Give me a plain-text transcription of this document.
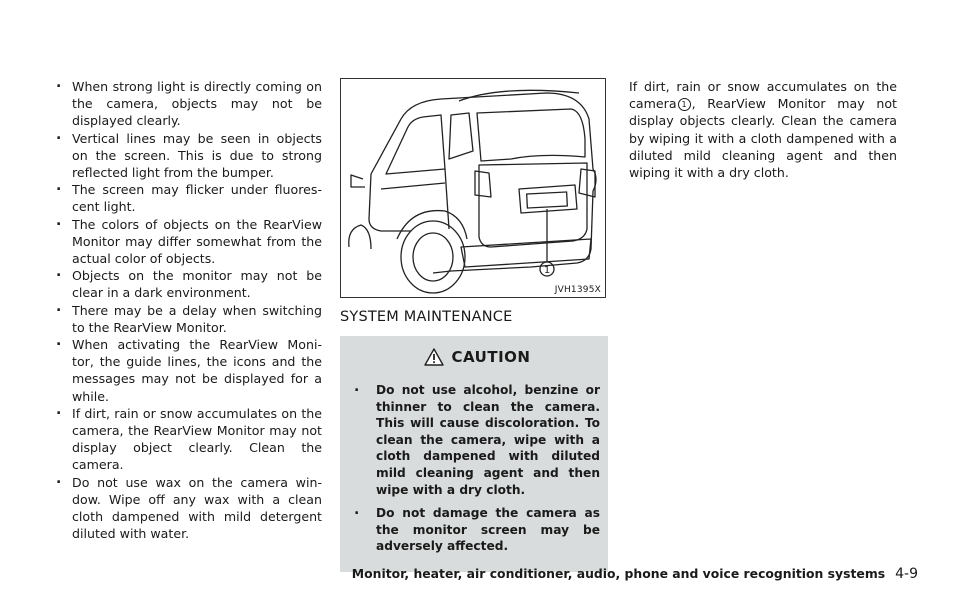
. When strong light is directly coming on the camera, objects may not be displayed clearly.
. Vertical lines may be seen in objects on the screen. This is due to strong reflected light from the bumper.
. The screen may flicker under fluores-cent light.
. The colors of objects on the RearView Monitor may differ somewhat from the actual color of objects.
. Objects on the monitor may not be clear in a dark environment.
. There may be a delay when switching to the RearView Monitor.
. When activating the RearView Moni-tor, the guide lines, the icons and the messages may not be displayed for a while.
. If dirt, rain or snow accumulates on the camera, the RearView Monitor may not display object clearly. Clean the camera.
. Do not use wax on the camera win-dow. Wipe off any wax with a clean cloth dampened with mild detergent diluted with water.
1
JVH1395X
SYSTEM MAINTENANCE
CAUTION
. Do not use alcohol, benzine or thinner to clean the camera. This will cause discoloration. To clean the camera, wipe with a cloth dampened with diluted mild cleaning agent and then wipe with a dry cloth.
. Do not damage the camera as the monitor screen may be adversely affected.

If dirt, rain or snow accumulates on the camera 1 , RearView Monitor may not display objects clearly. Clean the camera by wiping it with a cloth dampened with a diluted mild cleaning agent and then wiping it with a dry cloth.

Monitor, heater, air conditioner, audio, phone and voice recognition systems 4-9
